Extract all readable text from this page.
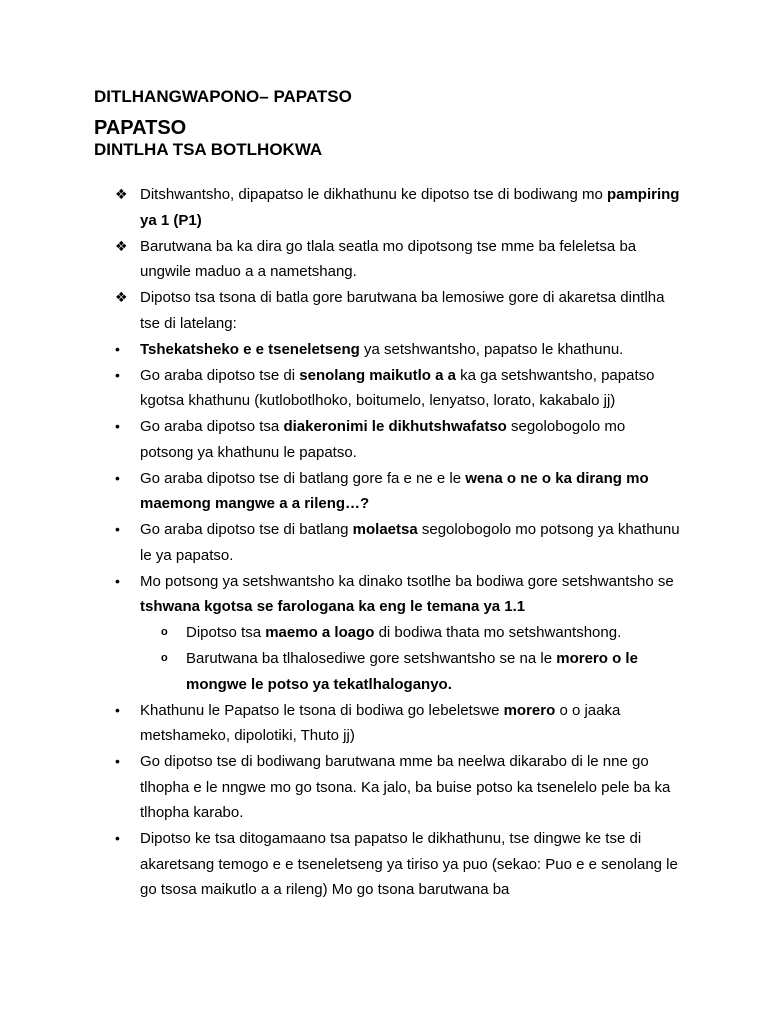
DITLHANGWAPONO– PAPATSO
PAPATSO
DINTLHA TSA BOTLHOKWA
❖ Ditshwantsho, dipapatso le dikhathunu ke dipotso tse di bodiwang mo pampiring ya 1 (P1)
❖ Barutwana ba ka dira go tlala seatla mo dipotsong tse mme ba feleletsa ba ungwile maduo a a nametshang.
❖ Dipotso tsa tsona di batla gore barutwana ba lemosiwe gore di akaretsa dintlha tse di latelang:
• Tshekatsheko e e tseneletseng ya setshwantsho, papatso le khathunu.
• Go araba dipotso tse di senolang maikutlo a a ka ga setshwantsho, papatso kgotsa khathunu (kutlobotlhoko, boitumelo, lenyatso, lorato, kakabalo jj)
• Go araba dipotso tsa diakeronimi le dikhutshwafatso segolobogolo mo potsong ya khathunu le papatso.
• Go araba dipotso tse di batlang gore fa e ne e le wena o ne o ka dirang mo maemong mangwe a a rileng…?
• Go araba dipotso tse di batlang molaetsa segolobogolo mo potsong ya khathunu le ya papatso.
• Mo potsong ya setshwantsho ka dinako tsotlhe ba bodiwa gore setshwantsho se tshwana kgotsa se farologana ka eng le temana ya 1.1
o Dipotso tsa maemo a loago di bodiwa thata mo setshwantshong.
o Barutwana ba tlhalosediwe gore setshwantsho se na le morero o le mongwe le potso ya tekatlhaloganyo.
• Khathunu le Papatso le tsona di bodiwa go lebeletswe morero o o jaaka metshameko, dipolotiki, Thuto jj)
• Go dipotso tse di bodiwang barutwana mme ba neelwa dikarabo di le nne go tlhopha e le nngwe mo go tsona. Ka jalo, ba buise potso ka tsenelelo pele ba ka tlhopha karabo.
• Dipotso ke tsa ditogamaano tsa papatso le dikhathunu, tse dingwe ke tse di akaretsang temogo e e tseneletseng ya tiriso ya puo (sekao: Puo e e senolang le go tsosa maikutlo a a rileng) Mo go tsona barutwana ba
